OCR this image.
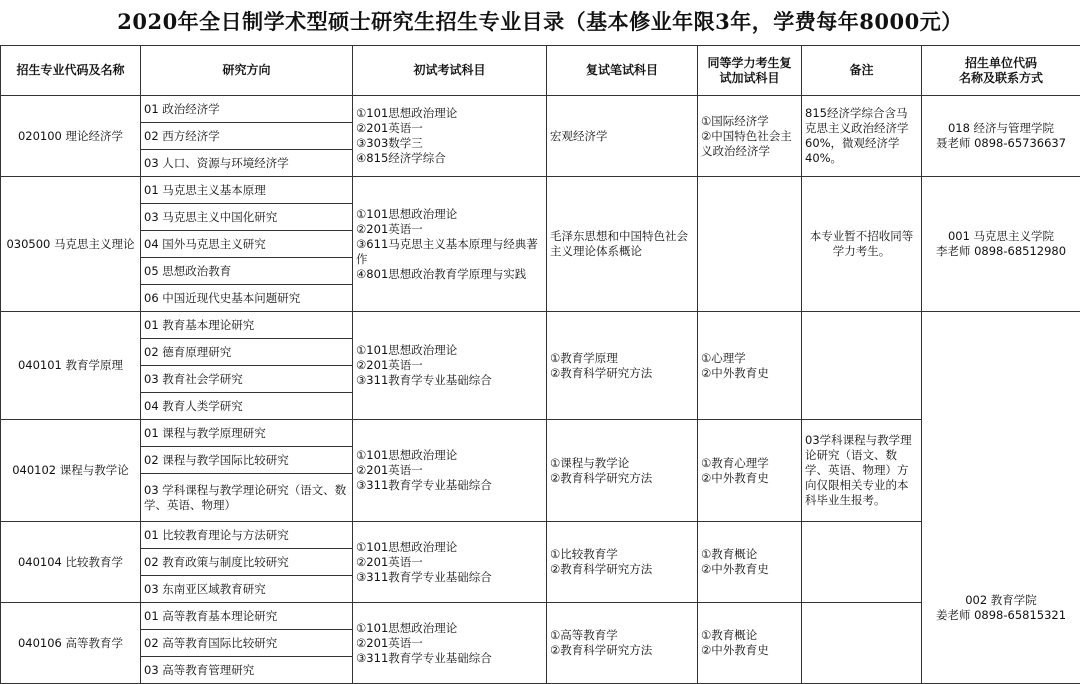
2020年全日制学术型硕士研究生招生专业目录（基本修业年限3年，学费每年8000元）
招生专业代码及名称	研究方向	初试考试科目	复试笔试科目	同等学力考生复
试加试科目	备注	招生单位代码
名称及联系方式

020100 理论经济学	01 政治经济学	①101思想政治理论
②201英语一
③303数学三
④815经济学综合	宏观经济学	①国际经济学
②中国特色社会主义政治经济学	815经济学综合含马克思主义政治经济学60%，微观经济学40%。	018 经济与管理学院
聂老师 0898-65736637

	02 西方经济学					
	03 人口、资源与环境经济学					
030500 马克思主义理论	01 马克思主义基本原理	①101思想政治理论
②201英语一
③611马克思主义基本原理与经典著作
④801思想政治教育学原理与实践	毛泽东思想和中国特色社会主义理论体系概论		本专业暂不招收同等学力考生。	001 马克思主义学院
李老师 0898-68512980

	03 马克思主义中国化研究					
	04 国外马克思主义研究					
	05 思想政治教育					
	06 中国近现代史基本问题研究					
040101 教育学原理	01 教育基本理论研究	①101思想政治理论
②201英语一
③311教育学专业基础综合	①教育学原理
②教育科学研究方法	①心理学
②中外教育史		002 教育学院
姜老师 0898-65815321

	02 德育原理研究					
	03 教育社会学研究					
	04 教育人类学研究					
040102 课程与教学论	01 课程与教学原理研究	①101思想政治理论
②201英语一
③311教育学专业基础综合	①课程与教学论
②教育科学研究方法	①教育心理学
②中外教育史	03学科课程与教学理论研究（语文、数学、英语、物理）方向仅限相关专业的本科毕业生报考。	

	02 课程与教学国际比较研究					
	03 学科课程与教学理论研究（语文、数学、英语、物理）					
040104 比较教育学	01 比较教育理论与方法研究	①101思想政治理论
②201英语一
③311教育学专业基础综合	①比较教育学
②教育科学研究方法	①教育概论
②中外教育史		

	02 教育政策与制度比较研究					
	03 东南亚区域教育研究					
040106 高等教育学	01 高等教育基本理论研究	①101思想政治理论
②201英语一
③311教育学专业基础综合	①高等教育学
②教育科学研究方法	①教育概论
②中外教育史		

	02 高等教育国际比较研究					
	03 高等教育管理研究					
